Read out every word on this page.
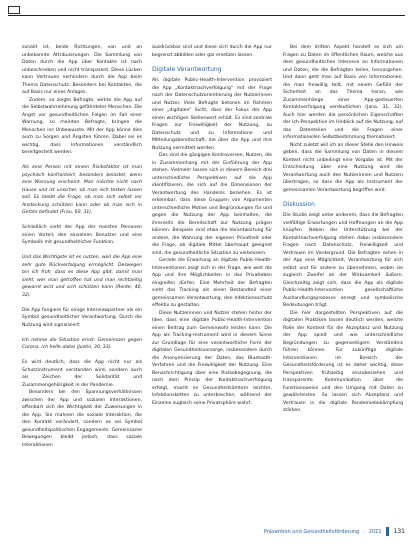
sonalit ist, beide Richtungen, von und an unbekannte Attribuierungen. Die Sammlung von Daten durch die App über Kontakte ist noch unbeschrieben und nicht transparent. Diese Lücken kann Vertrauen verhindern durch die App beim Thema Datenschutz. Besonders bei Kontakten, die auf Basis nur eines Anlages.

Zudem, so zeigte Befragte, wirkte die App auf die Selbstwahrnehmung gefährdeter Menschen. Die Angst vor gesundheitlichen Folgen im Fall einer Warnung, so meinten Befragte, bringen die Menschen ins Unbewusste. Mit der App könne dies auch zu Sorgen und Ängsten führen. Dabei sei es wichtig, dass Informationen verständlich bereitgestellt werden.

Als eine Person mit einem Risikofaktor ist man psychisch konfrontiert, besonders belastet, wenn eine Warnung erscheint. Man möchte nicht nach Hause und ist unsicher, ob man sich testen lassen soll. Es bleibt die Frage, ob man sich selbst vor Ansteckung schützen kann oder ob man sich in Gefahr befindet (Frau, 60, 31).

Schließlich sieht der App der meisten Personen einen Vorteil, den einzelnen Benutzer und eine Symbolik mit gesundheitlicher Funktion.

Und das Wichtigste ist es nutzen, weil die App eine sehr gute Rückverfolgung ermöglicht. Deswegen bin ich froh, dass es diese App gibt, damit man sieht, wer man getroffen hat und man rechtzeitig gewarnt wird und sich schützen kann (Rente, 40, 32).

Die App fungiere für einige Interviewpartner als ein Symbol gesundheitlicher Verantwortung. Durch die Nutzung wird signalisiert:

Ich nehme die Situation ernst. Gemeinsam gegen Corona, ich helfe dabei (Justin, 30, 33).

Es wird deutlich, dass die App nicht nur als Schutzinstrument verstanden wird, sondern auch als Zeichen der Solidarität und Zusammengehörigkeit in der Pandemie.

Besonders bei den Spannungsverhältnissen zwischen der App und sozialen Interaktionen, offenbart sich die Wichtigkeit der Zuweisungen in die App. Sie mahnen die soziale Interaktion, die den Kontakt verändert, sondern es sei Symbol gesundheitspolitischen Engagements. Gemeinsame Bewegungen bleibt jedoch, dass soziale Interaktionen

ausdrückbar sind und diese sich durch die App nur begrenzt abbilden oder gar ersetzen lassen.

Digitale Verantwortung

Als digitale Public-Health-Intervention provoziert die App „Kontaktnachverfolgung“ mit der Frage nach der Datenschutzorientierung der Nutzerinnen und Nutzer. Viele Befragte betonen im Rahmen einer „digitalen“ Sicht, dass der Fokus der App einen wichtigen Stellenwert erhält. Es sind zentrale Fragen zur Freiwilligkeit der Nutzung, zu Datenschutz und zu Informations- und Mitteilungsbereitschaft, die über die App und ihre Nutzung vermittelt werden.

Das sind die gängigen Kontroversen, Nutzen, die in Zusammenhang mit der Einführung der App stehen. Vielmehr lassen sich in diesem Bereich drei unterschiedliche Perspektiven auf die App identifizieren, die sich auf die Dimensionen der Verantwortung des Handelns beziehen. Es ist erkennbar, dass diese Gruppen von Argumenten unterschiedliche Motive und Begründungen für und gegen die Nutzung der App beinhalten, die ihrerseits die Bereitschaft zur Nutzung prägen können. Beispiele sind etwa die Verantwortung für andere, die Wahrung der eigenen Privatheit oder die Frage, ob digitale Mittel überhaupt geeignet sind, die gesundheitliche Situation zu verbessern.

Gerade die Erwartung an digitale Public-Health-Interventionen zeigt sich in der Frage, wie weit die App und ihre Möglichkeiten in das Privatleben eingreifen dürfen. Eine Mehrheit der Befragten sieht das Tracking als einen Bestandteil einer gemeinsamen Verantwortung, den Infektionsschutz effektiv zu gestalten.

Diese Nutzerinnen und Nutzer stehen hinter der Idee, dass eine digitale Public-Health-Intervention einen Beitrag zum Gemeinwohl leisten kann. Die App als Tracking-Instrument wird in diesem Sinne zur Grundlage für eine verantwortliche Form der digitalen Gesundheitsvorsorge, insbesondere durch die Anonymisierung der Daten, das Bluetooth-Verfahren und die Freiwilligkeit der Nutzung. Eine Benachrichtigung über eine Risikobegegnung, die nach dem Prinzip der Kontaktnachverfolgung erfolgt, macht es Gesundheitsämtern leichter, Infektionsketten zu unterbrechen, während der Einzelne zugleich seine Privatsphäre wahrt.

Bei dem dritten Aspekt handelt es sich um Fragen zu Daten im öffentlichen Raum, welche aus dem gesundheitlichen Interesse an Informationen und Daten, die die Befragten teilen, hervorgehen. Und dann geht man auf Basis von Informationen, die man freiwillig teilt, mit einem Gefühl der Sicherheit an das Thema heran, wie Zusammenhänge einer App-gesteuerten Kontaktverfolgung verdeutlichen (Jana, 31, 32). Auch hier werden die persönlichen Eigenschaften der Ich-Perspektive im Hinblick auf die Nutzung, auf das Datenteilen und die Fragen einer informationellen Selbstbestimmung thematisiert.

Nicht zuletzt will ich an dieser Stelle den Hinweis geben, dass die Sammlung von Daten in diesem Kontext nicht unbedingt eine Vorgabe ist. Mit der Entscheidung über eine Nutzung wird die Verantwortung auch den Nutzerinnen und Nutzern übertragen, so dass die App als Instrument der gemeinsamen Verantwortung begriffen wird.

Diskussion

Die Studie zeigt unter anderem, dass die Befragten vielfältige Erwartungen und Hoffnungen an die App knüpfen. Neben der Unterstützung bei der Kontaktnachverfolgung stehen dabei insbesondere Fragen nach Datenschutz, Freiwilligkeit und Vertrauen im Vordergrund. Die Befragten sehen in der App eine Möglichkeit, Verantwortung für sich selbst und für andere zu übernehmen, wobei sie zugleich Zweifel an der Wirksamkeit äußern. Gleichzeitig zeigt sich, dass die App als digitale Public-Health-Intervention gesellschaftliche Aushandlungsprozesse anregt und symbolische Bedeutungen trägt.

Die hier dargestellten Perspektiven auf die digitalen Praktiken lassen deutlich werden, welche Rolle der Kontext für die Akzeptanz und Nutzung der App spielt und wie unterschiedliche Begründungen zu gegenseitigem Verständnis führen können. Für zukünftige digitale Interventionen im Bereich der Gesundheitsförderung ist es daher wichtig, diese Perspektiven frühzeitig einzubeziehen und transparente Kommunikation über die Funktionsweise und den Umgang mit Daten zu gewährleisten. So lassen sich Akzeptanz und Vertrauen in die digitale Pandemiebekämpfung stärken.

Prävention und Gesundheitsförderung · 2021 131
